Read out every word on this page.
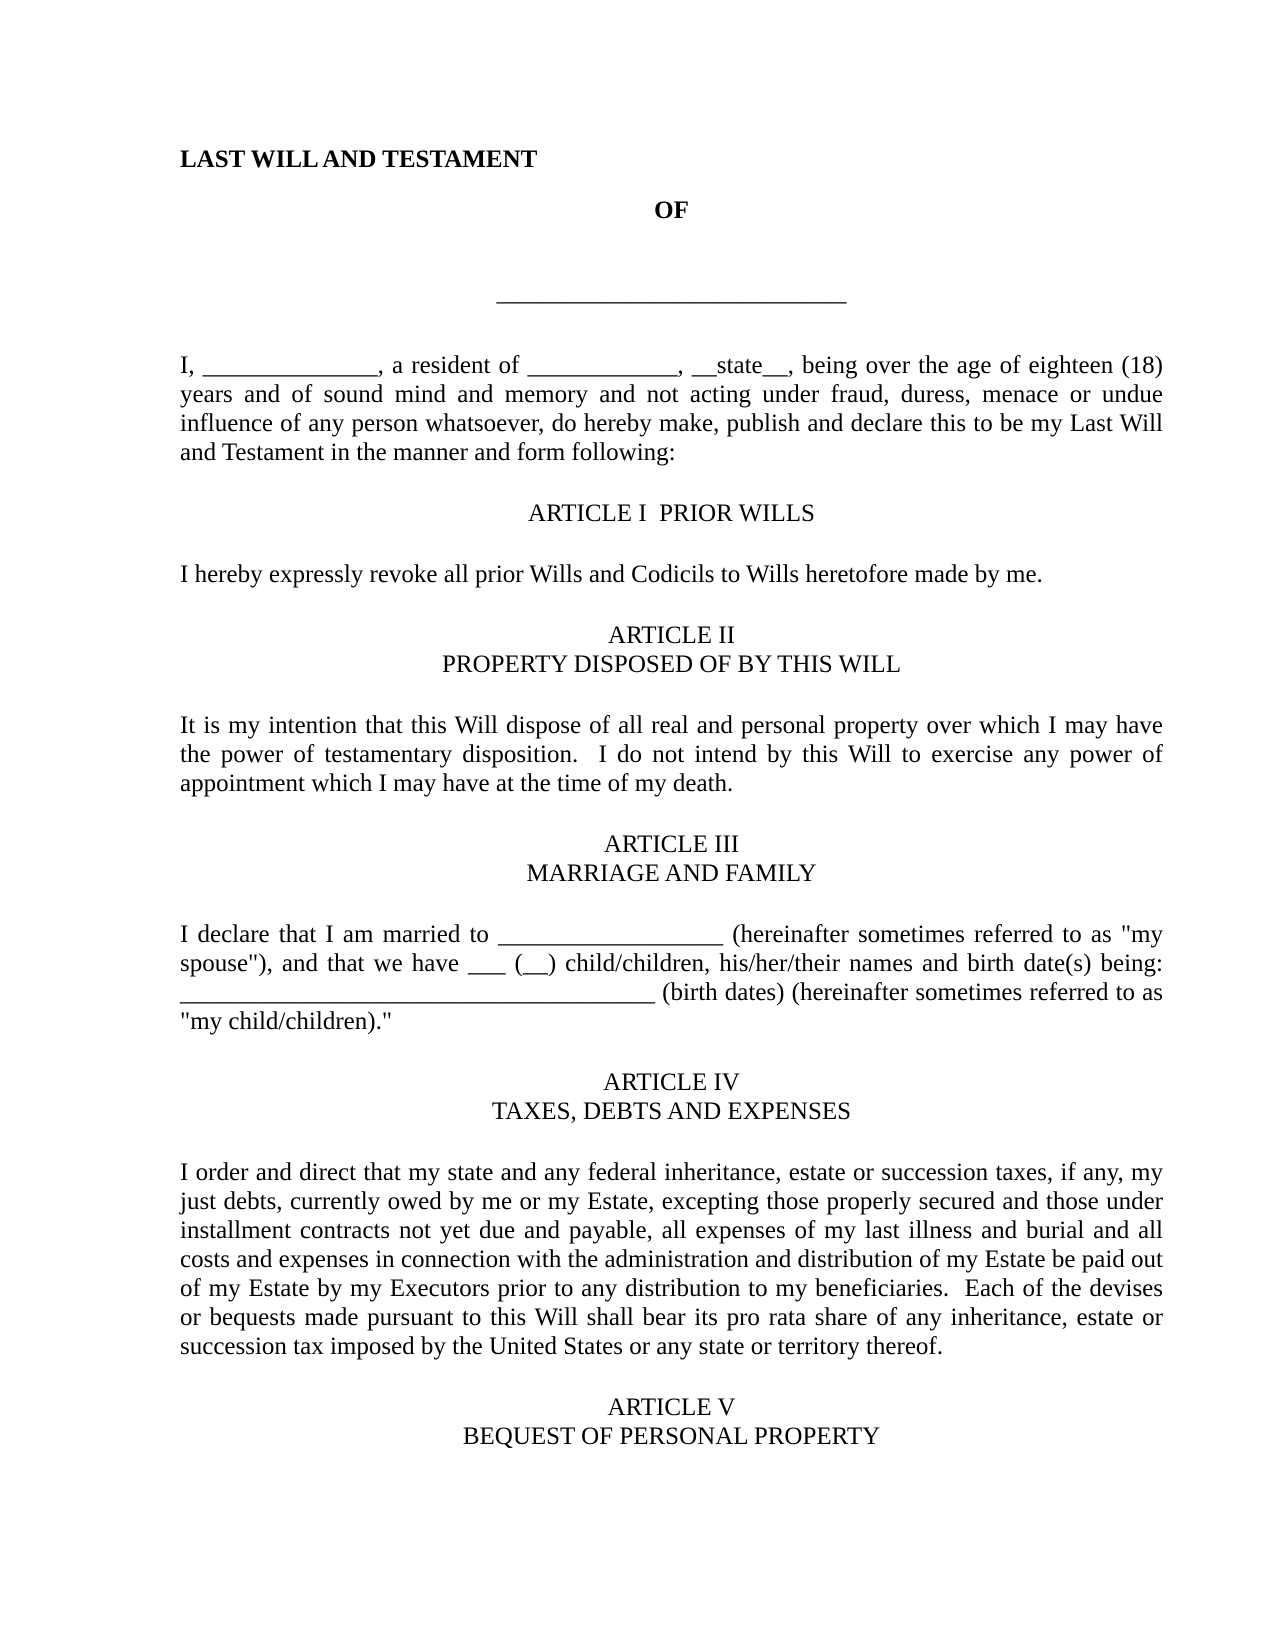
LAST WILL AND TESTAMENT

OF

____________________________

I, ______________, a resident of ____________, __state__, being over the age of eighteen (18) years and of sound mind and memory and not acting under fraud, duress, menace or undue influence of any person whatsoever, do hereby make, publish and declare this to be my Last Will and Testament in the manner and form following:

ARTICLE I  PRIOR WILLS

I hereby expressly revoke all prior Wills and Codicils to Wills heretofore made by me.

ARTICLE II
PROPERTY DISPOSED OF BY THIS WILL

It is my intention that this Will dispose of all real and personal property over which I may have the power of testamentary disposition.  I do not intend by this Will to exercise any power of appointment which I may have at the time of my death.

ARTICLE III
MARRIAGE AND FAMILY

I declare that I am married to __________________ (hereinafter sometimes referred to as "my spouse"), and that we have ___ (__) child/children, his/her/their names and birth date(s) being: ______________________________________ (birth dates) (hereinafter sometimes referred to as "my child/children)."

ARTICLE IV
TAXES, DEBTS AND EXPENSES

I order and direct that my state and any federal inheritance, estate or succession taxes, if any, my just debts, currently owed by me or my Estate, excepting those properly secured and those under installment contracts not yet due and payable, all expenses of my last illness and burial and all costs and expenses in connection with the administration and distribution of my Estate be paid out of my Estate by my Executors prior to any distribution to my beneficiaries.  Each of the devises or bequests made pursuant to this Will shall bear its pro rata share of any inheritance, estate or succession tax imposed by the United States or any state or territory thereof.

ARTICLE V
BEQUEST OF PERSONAL PROPERTY
